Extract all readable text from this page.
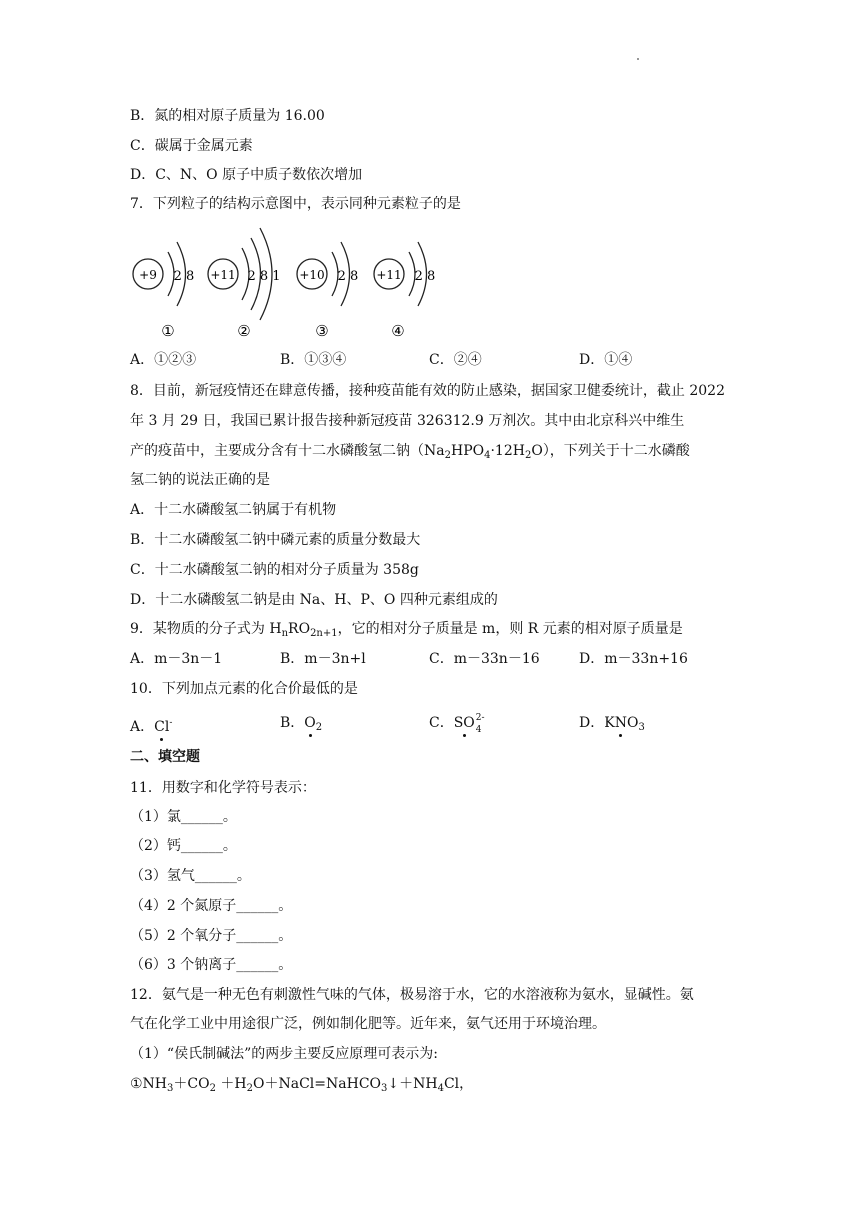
B．氮的相对原子质量为 16.00
C．碳属于金属元素
D．C、N、O 原子中质子数依次增加
7．下列粒子的结构示意图中，表示同种元素粒子的是
+9 2 8
①
+11 2 8 1
②
+10 2 8
③
+11 2 8
④
A．①②③	B．①③④	C．②④	D．①④
8．目前，新冠疫情还在肆意传播，接种疫苗能有效的防止感染，据国家卫健委统计，截止 2022
年 3 月 29 日，我国已累计报告接种新冠疫苗 326312.9 万剂次。其中由北京科兴中维生
产的疫苗中，主要成分含有十二水磷酸氢二钠$(Na_2HPO_4\cdot 12H_2O)$，下列关于十二水磷酸
氢二钠的说法正确的是
A．十二水磷酸氢二钠属于有机物
B．十二水磷酸氢二钠中磷元素的质量分数最大
C．十二水磷酸氢二钠的相对分子质量为 358g
D．十二水磷酸氢二钠是由 Na、H、P、O 四种元素组成的
9．某物质的分子式为 $H_nRO_{2n+1}$，它的相对分子质量是 m，则 R 元素的相对原子质量是
A．m－3n－1	B．m－3n+l	C．m－33n－16	D．m－33n+16
10．下列加点元素的化合价最低的是
A．Cl-	B．$O_2$	C．SO 2-
4	D．$KNO_3$
二、填空题
11．用数字和化学符号表示：
（1）氯______。
（2）钙______。
（3）氢气______。
（4）2 个氮原子______。
（5）2 个氧分子______。
（6）3 个钠离子______。
12．氨气是一种无色有刺激性气味的气体，极易溶于水，它的水溶液称为氨水，显碱性。氨
气在化学工业中用途很广泛，例如制化肥等。近年来，氨气还用于环境治理。
（1）“侯氏制碱法”的两步主要反应原理可表示为:
$①NH_3+CO_2$ $+H_2O+NaCl=NaHCO_3↓+NH_4Cl$，
